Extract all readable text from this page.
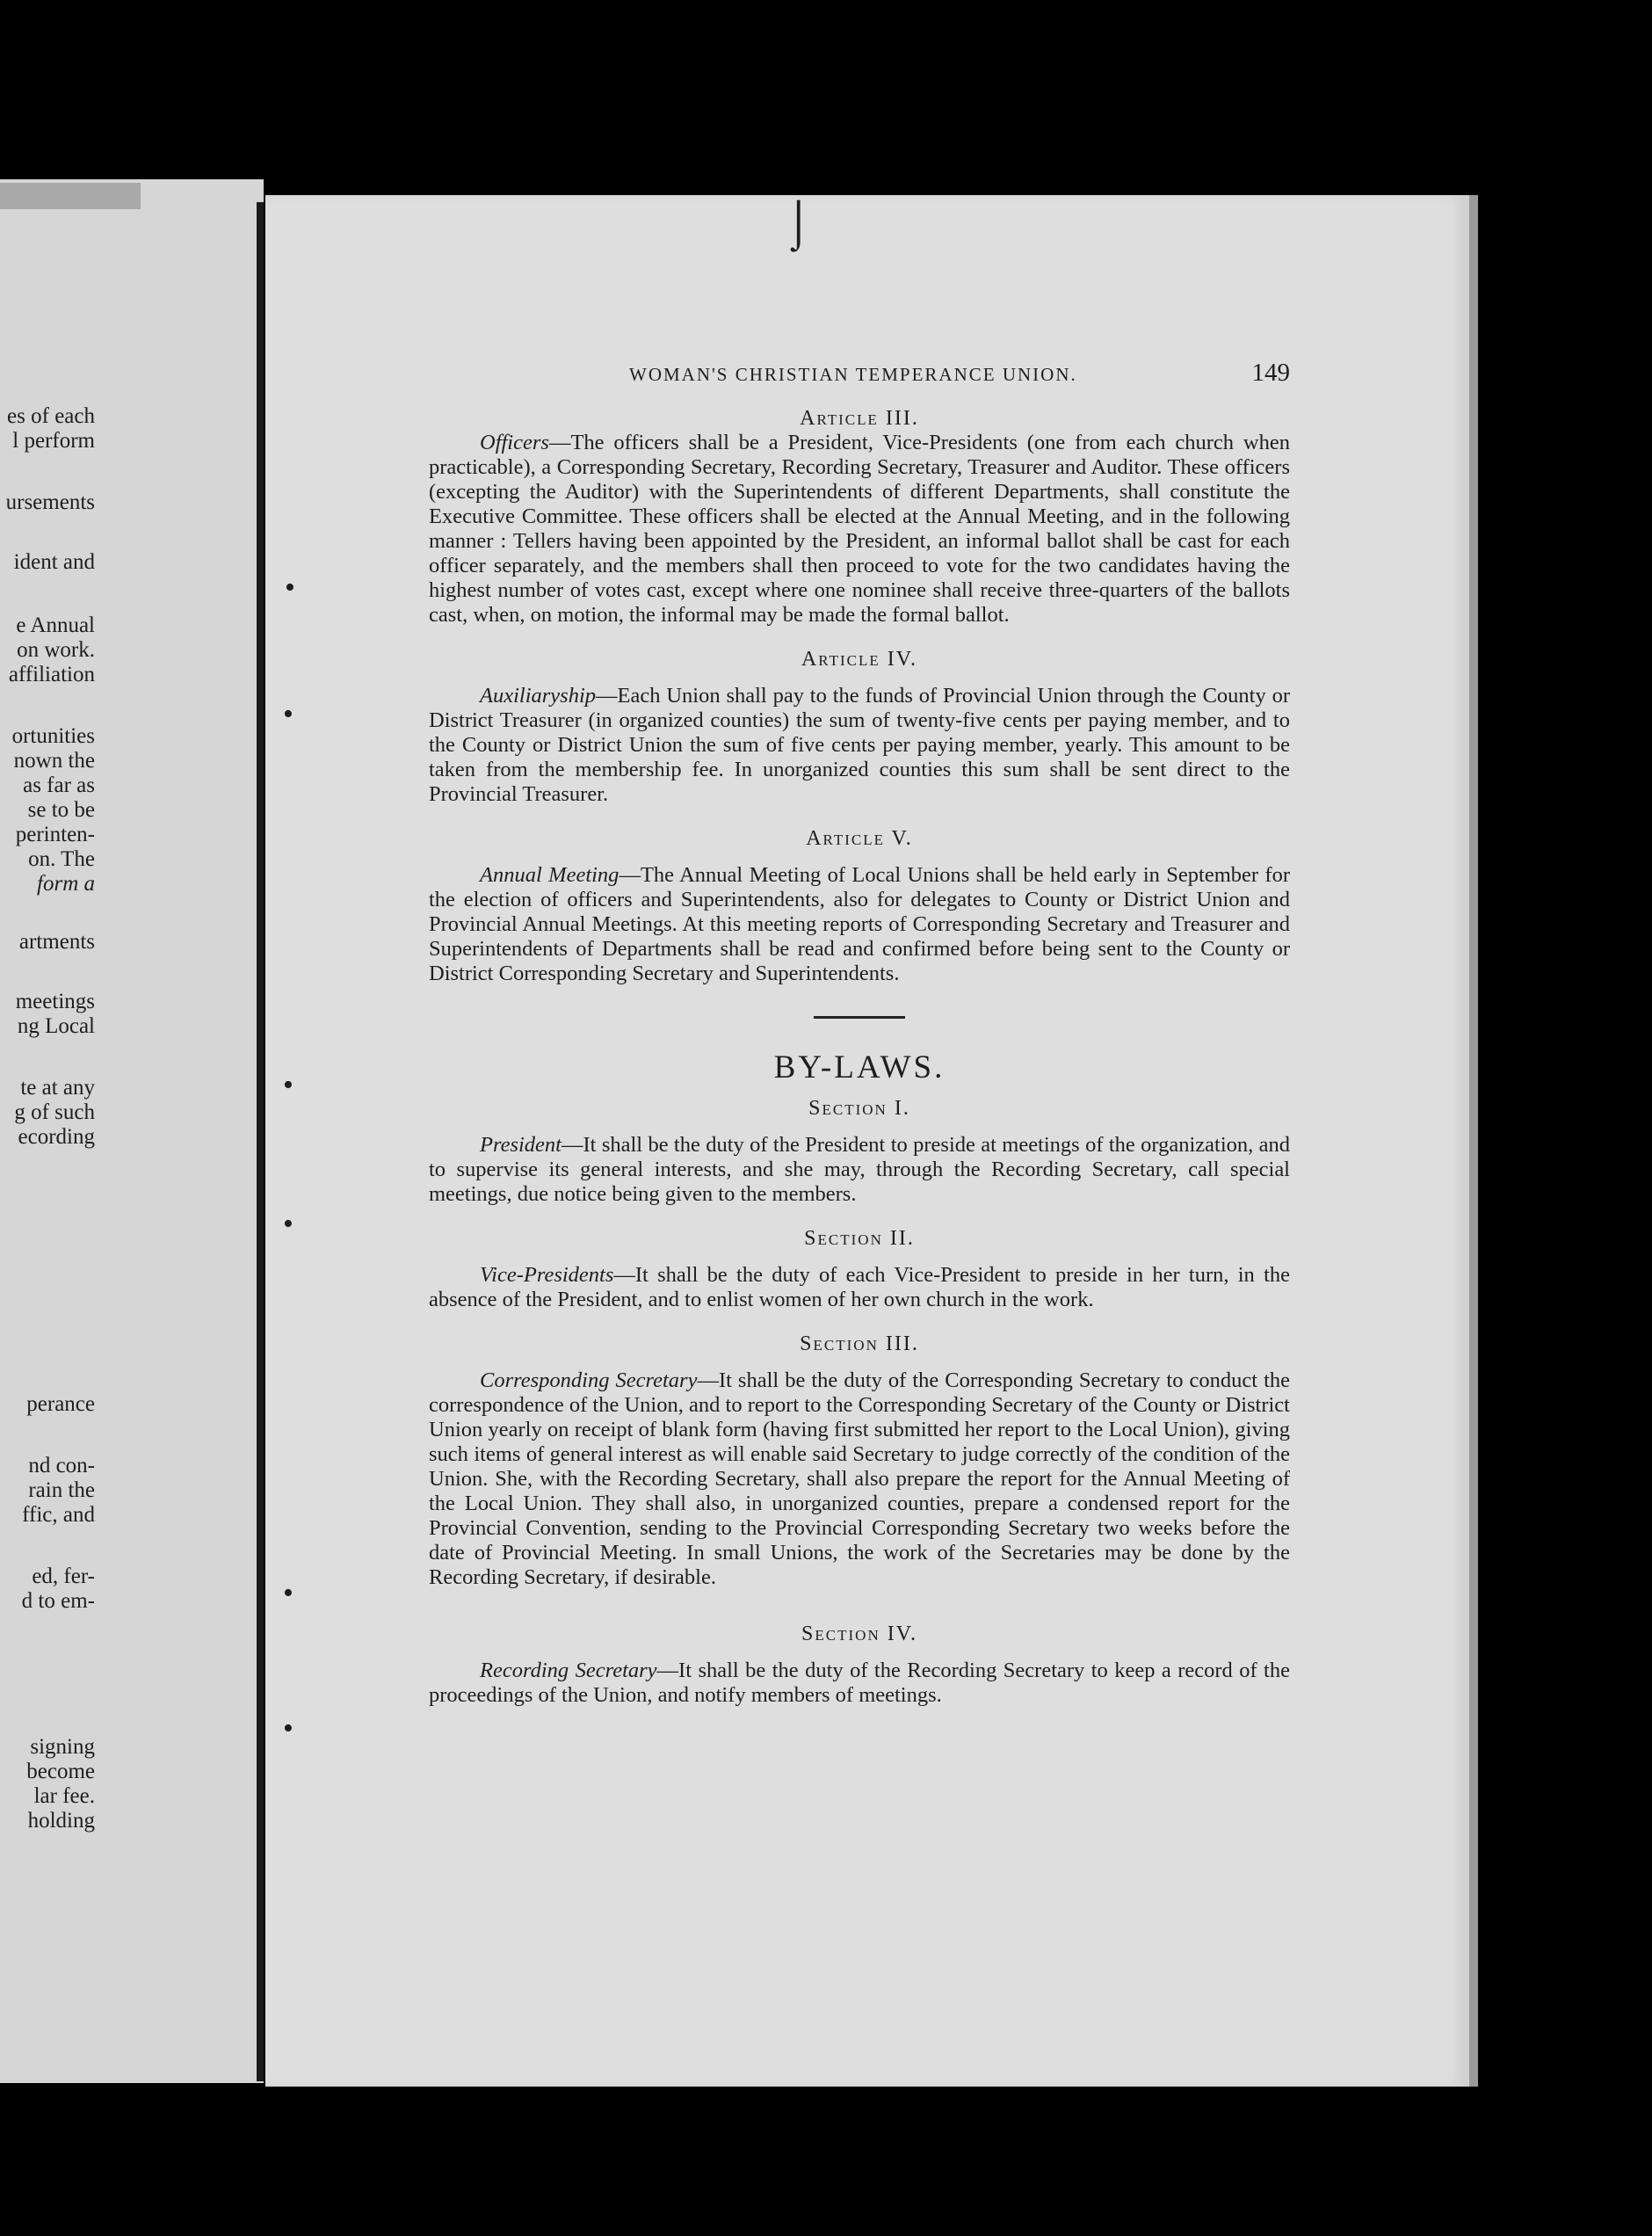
es of each
l perform
ursements
ident and
e Annual
on work.
affiliation
ortunities
nown the
as far as
se to be
perinten-
on. The
form a
artments
meetings
ng Local
te at any
g of such
ecording
perance
nd con-
rain the
ffic, and
ed, fer-
d to em-
signing
become
lar fee.
holding
•
•
•
•
•
•
⌡
WOMAN'S CHRISTIAN TEMPERANCE UNION.	149

Article III.

Officers—The officers shall be a President, Vice-Presidents (one from each church when practicable), a Corresponding Secretary, Recording Secretary, Treasurer and Auditor. These officers (excepting the Auditor) with the Superintendents of different Departments, shall constitute the Executive Committee. These officers shall be elected at the Annual Meeting, and in the following manner : Tellers having been appointed by the President, an informal ballot shall be cast for each officer separately, and the members shall then proceed to vote for the two candidates having the highest number of votes cast, except where one nominee shall receive three-quarters of the ballots cast, when, on motion, the informal may be made the formal ballot.

Article IV.

Auxiliaryship—Each Union shall pay to the funds of Provincial Union through the County or District Treasurer (in organized counties) the sum of twenty-five cents per paying member, and to the County or District Union the sum of five cents per paying member, yearly. This amount to be taken from the membership fee. In unorganized counties this sum shall be sent direct to the Provincial Treasurer.

Article V.

Annual Meeting—The Annual Meeting of Local Unions shall be held early in September for the election of officers and Superintendents, also for delegates to County or District Union and Provincial Annual Meetings. At this meeting reports of Corresponding Secretary and Treasurer and Superintendents of Departments shall be read and confirmed before being sent to the County or District Corresponding Secretary and Superintendents.

BY-LAWS.

Section I.

President—It shall be the duty of the President to preside at meetings of the organization, and to supervise its general interests, and she may, through the Recording Secretary, call special meetings, due notice being given to the members.

Section II.

Vice-Presidents—It shall be the duty of each Vice-President to preside in her turn, in the absence of the President, and to enlist women of her own church in the work.

Section III.

Corresponding Secretary—It shall be the duty of the Corresponding Secretary to conduct the correspondence of the Union, and to report to the Corresponding Secretary of the County or District Union yearly on receipt of blank form (having first submitted her report to the Local Union), giving such items of general interest as will enable said Secretary to judge correctly of the condition of the Union. She, with the Recording Secretary, shall also prepare the report for the Annual Meeting of the Local Union. They shall also, in unorganized counties, prepare a condensed report for the Provincial Convention, sending to the Provincial Corresponding Secretary two weeks before the date of Provincial Meeting. In small Unions, the work of the Secretaries may be done by the Recording Secretary, if desirable.

Section IV.

Recording Secretary—It shall be the duty of the Recording Secretary to keep a record of the proceedings of the Union, and notify members of meetings.
